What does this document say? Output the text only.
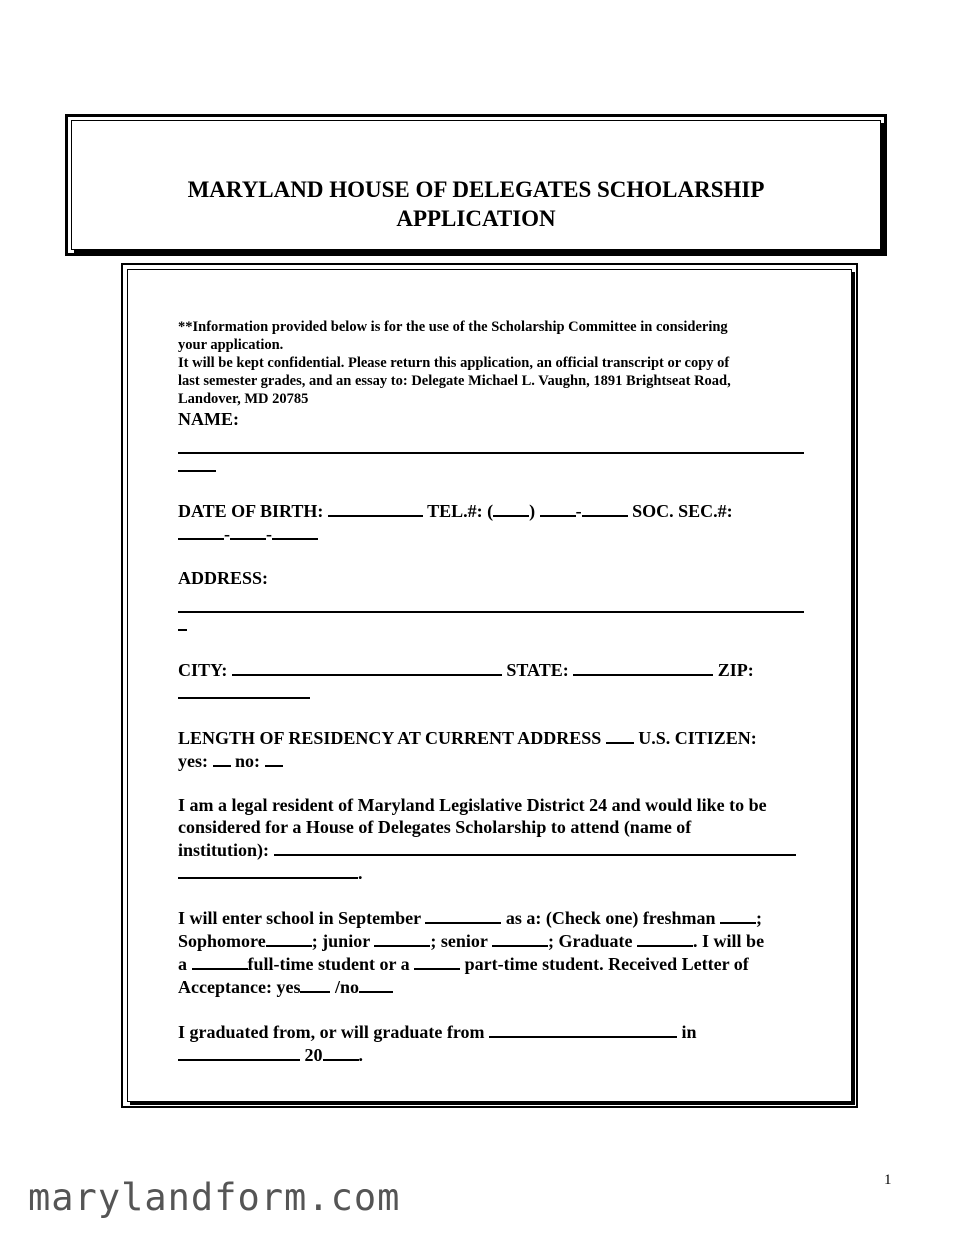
MARYLAND HOUSE OF DELEGATES SCHOLARSHIP
APPLICATION

**Information provided below is for the use of the Scholarship Committee in considering
your application.
It will be kept confidential. Please return this application, an official transcript or copy of
last semester grades, and an essay to: Delegate Michael L. Vaughn, 1891 Brightseat Road,
Landover, MD 20785

NAME:

DATE OF BIRTH:	TEL.#: ( ) -	SOC. SEC.#:
- -

ADDRESS:

CITY:	STATE:	ZIP:

LENGTH OF RESIDENCY AT CURRENT ADDRESS U.S. CITIZEN:
yes: no:

I am a legal resident of Maryland Legislative District 24 and would like to be
considered for a House of Delegates Scholarship to attend (name of
institution):
.

I will enter school in September	as a: (Check one) freshman ;
Sophomore	; junior	; senior	; Graduate	. I will be
a	full-time student or a	part-time student. Received Letter of
Acceptance: yes /no

I graduated from, or will graduate from	in
20 .

1
marylandform.com
